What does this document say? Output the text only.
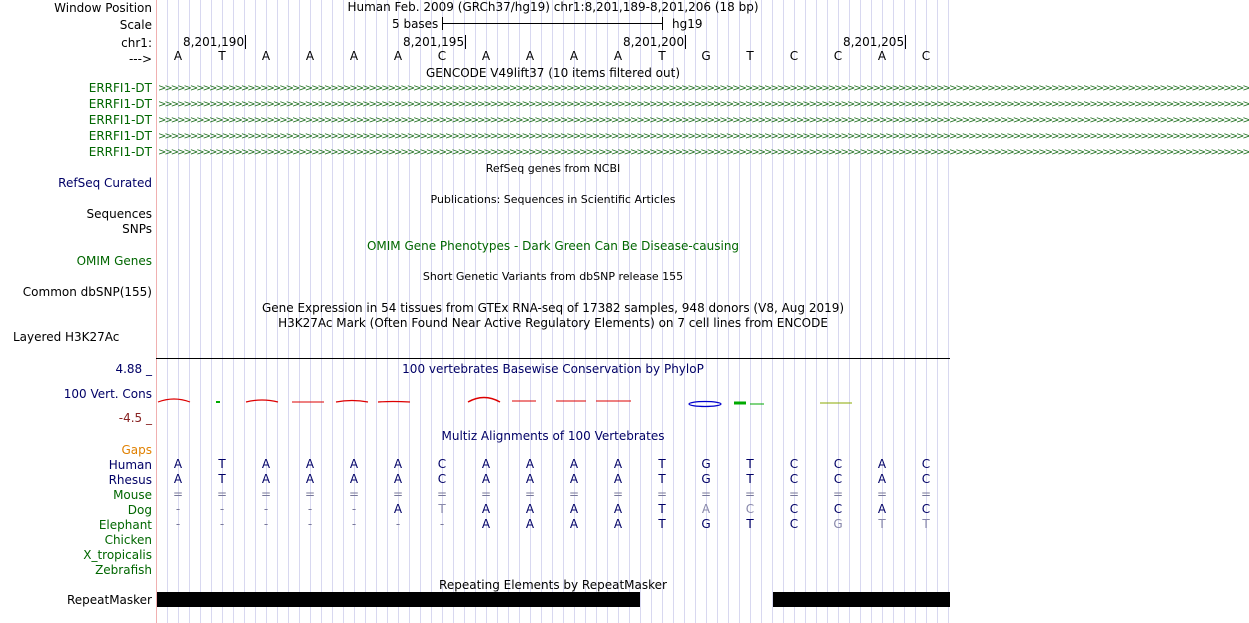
Window Position	Human Feb. 2009 (GRCh37/hg19) chr1:8,201,189-8,201,206 (18 bp)
Scale	5 bases	hg19
chr1:	8,201,190	8,201,195	8,201,200	8,201,205
--->	A	T	A	A	A	A	C	A	A	A	A	T	G	T	C	C	A	C
GENCODE V49lift37 (10 items filtered out)
ERRFI1-DT >>>>>>>>>>>>>>>>>>>>>>>>>>>>>>>>>>>>>>>>>>>>>>>>>>>>>>>>>>>>>>>>>>>>>>>>>>>>>>>>>>>>>>>>>>>>>>>>>>>>>>>>>>>>>>>>>>>>>>>>>>>>>>>>>>>>>>>>>>>>>>>>>>>>>>>>>>>>>>>>>>>>>>>>>>>
ERRFI1-DT >>>>>>>>>>>>>>>>>>>>>>>>>>>>>>>>>>>>>>>>>>>>>>>>>>>>>>>>>>>>>>>>>>>>>>>>>>>>>>>>>>>>>>>>>>>>>>>>>>>>>>>>>>>>>>>>>>>>>>>>>>>>>>>>>>>>>>>>>>>>>>>>>>>>>>>>>>>>>>>>>>>>>>>>>>>
ERRFI1-DT >>>>>>>>>>>>>>>>>>>>>>>>>>>>>>>>>>>>>>>>>>>>>>>>>>>>>>>>>>>>>>>>>>>>>>>>>>>>>>>>>>>>>>>>>>>>>>>>>>>>>>>>>>>>>>>>>>>>>>>>>>>>>>>>>>>>>>>>>>>>>>>>>>>>>>>>>>>>>>>>>>>>>>>>>>>
ERRFI1-DT >>>>>>>>>>>>>>>>>>>>>>>>>>>>>>>>>>>>>>>>>>>>>>>>>>>>>>>>>>>>>>>>>>>>>>>>>>>>>>>>>>>>>>>>>>>>>>>>>>>>>>>>>>>>>>>>>>>>>>>>>>>>>>>>>>>>>>>>>>>>>>>>>>>>>>>>>>>>>>>>>>>>>>>>>>>
ERRFI1-DT >>>>>>>>>>>>>>>>>>>>>>>>>>>>>>>>>>>>>>>>>>>>>>>>>>>>>>>>>>>>>>>>>>>>>>>>>>>>>>>>>>>>>>>>>>>>>>>>>>>>>>>>>>>>>>>>>>>>>>>>>>>>>>>>>>>>>>>>>>>>>>>>>>>>>>>>>>>>>>>>>>>>>>>>>>>
RefSeq genes from NCBI
RefSeq Curated
Publications: Sequences in Scientific Articles
Sequences
SNPs
OMIM Gene Phenotypes - Dark Green Can Be Disease-causing
OMIM Genes
Short Genetic Variants from dbSNP release 155
Common dbSNP(155)
Gene Expression in 54 tissues from GTEx RNA-seq of 17382 samples, 948 donors (V8, Aug 2019)
H3K27Ac Mark (Often Found Near Active Regulatory Elements) on 7 cell lines from ENCODE
Layered H3K27Ac
4.88 _	100 vertebrates Basewise Conservation by PhyloP
100 Vert. Cons
-4.5 _
Gaps
Multiz Alignments of 100 Vertebrates
Human	A	T	A	A	A	A	C	A	A	A	A	T	G	T	C	C	A	C
Rhesus	A	T	A	A	A	A	C	A	A	A	A	T	G	T	C	C	A	C
Mouse	=	=	=	=	=	=	=	=	=	=	=	=	=	=	=	=	=	=
Dog	-	-	-	-	-	A	T	A	A	A	A	T	A	C	C	C	A	C
Elephant	-	-	-	-	-	-	-	A	A	A	A	T	G	T	C	G	T	T
Chicken
X_tropicalis
Zebrafish
Repeating Elements by RepeatMasker
RepeatMasker
